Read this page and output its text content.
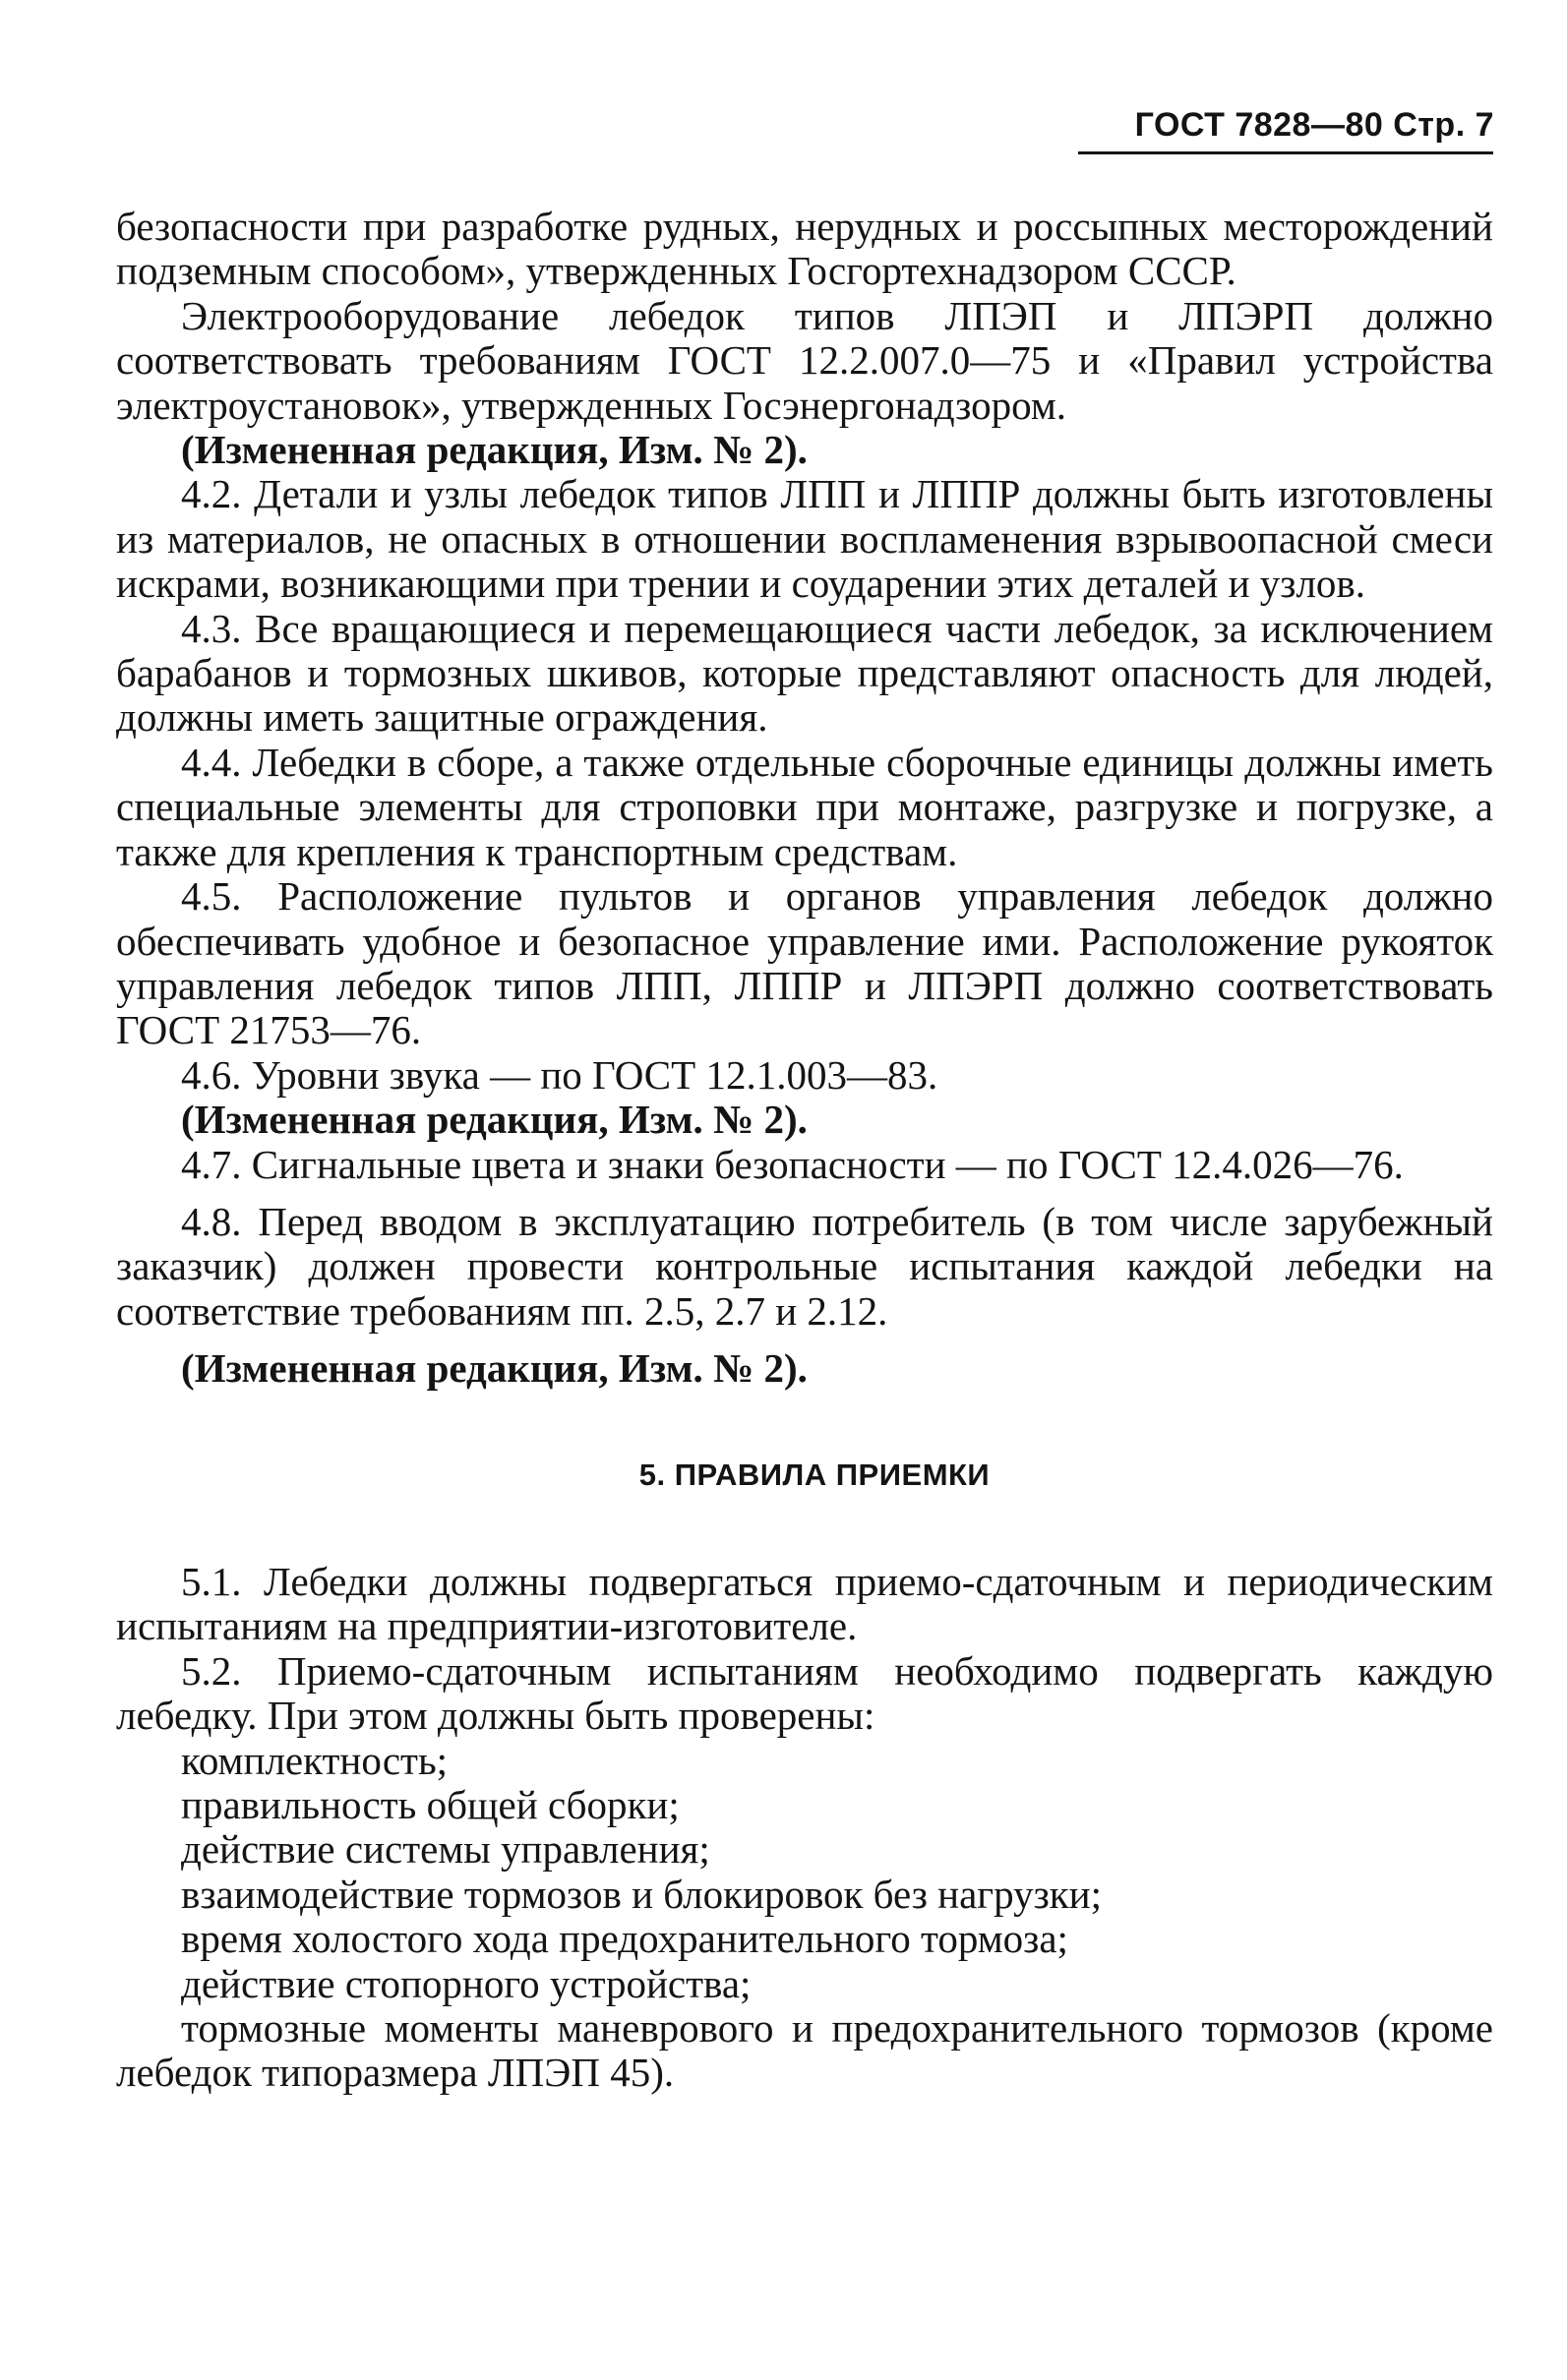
ГОСТ 7828—80 Стр. 7

безопасности при разработке рудных, нерудных и россыпных месторождений подземным способом», утвержденных Госгортехнадзором СССР.

Электрооборудование лебедок типов ЛПЭП и ЛПЭРП должно соответствовать требованиям ГОСТ 12.2.007.0—75 и «Правил устройства электроустановок», утвержденных Госэнергонадзором.

(Измененная редакция, Изм. № 2).

4.2. Детали и узлы лебедок типов ЛПП и ЛППР должны быть изготовлены из материалов, не опасных в отношении воспламенения взрывоопасной смеси искрами, возникающими при трении и соударении этих деталей и узлов.

4.3. Все вращающиеся и перемещающиеся части лебедок, за исключением барабанов и тормозных шкивов, которые представляют опасность для людей, должны иметь защитные ограждения.

4.4. Лебедки в сборе, а также отдельные сборочные единицы должны иметь специальные элементы для строповки при монтаже, разгрузке и погрузке, а также для крепления к транспортным средствам.

4.5. Расположение пультов и органов управления лебедок должно обеспечивать удобное и безопасное управление ими. Расположение рукояток управления лебедок типов ЛПП, ЛППР и ЛПЭРП должно соответствовать ГОСТ 21753—76.

4.6. Уровни звука — по ГОСТ 12.1.003—83.

(Измененная редакция, Изм. № 2).

4.7. Сигнальные цвета и знаки безопасности — по ГОСТ 12.4.026—76.

4.8. Перед вводом в эксплуатацию потребитель (в том числе зарубежный заказчик) должен провести контрольные испытания каждой лебедки на соответствие требованиям пп. 2.5, 2.7 и 2.12.

(Измененная редакция, Изм. № 2).

5. ПРАВИЛА ПРИЕМКИ

5.1. Лебедки должны подвергаться приемо-сдаточным и периодическим испытаниям на предприятии-изготовителе.

5.2. Приемо-сдаточным испытаниям необходимо подвергать каждую лебедку. При этом должны быть проверены:

комплектность;

правильность общей сборки;

действие системы управления;

взаимодействие тормозов и блокировок без нагрузки;

время холостого хода предохранительного тормоза;

действие стопорного устройства;

тормозные моменты маневрового и предохранительного тормозов (кроме лебедок типоразмера ЛПЭП 45).
